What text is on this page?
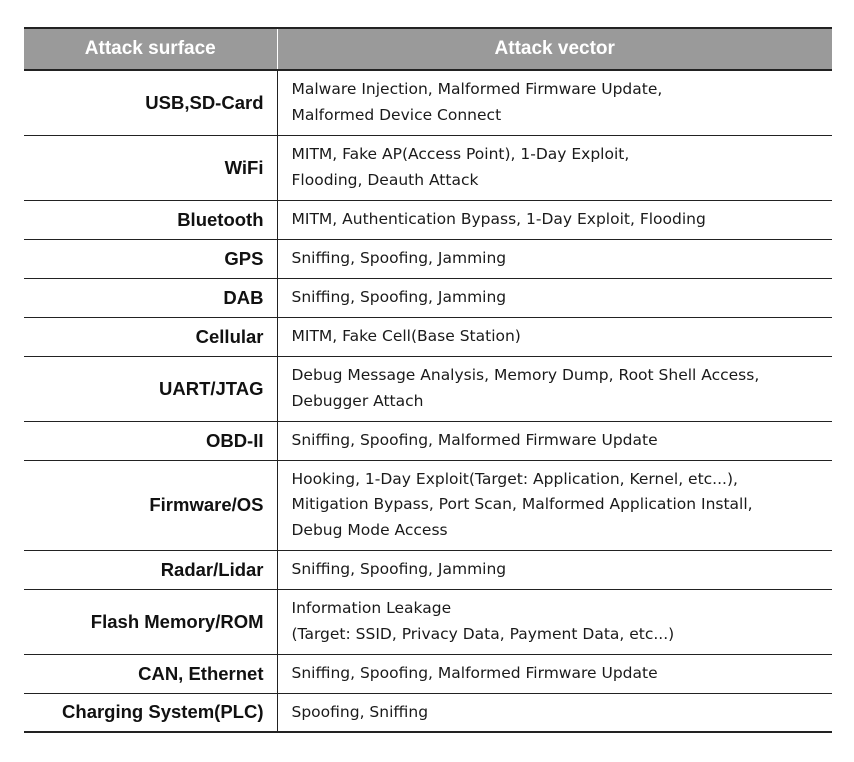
Attack surface	Attack vector
USB,SD-Card	Malware Injection, Malformed Firmware Update,
Malformed Device Connect

WiFi	MITM, Fake AP(Access Point), 1-Day Exploit,
Flooding, Deauth Attack

Bluetooth	MITM, Authentication Bypass, 1-Day Exploit, Flooding

GPS	Sniffing, Spoofing, Jamming

DAB	Sniffing, Spoofing, Jamming

Cellular	MITM, Fake Cell(Base Station)

UART/JTAG	Debug Message Analysis, Memory Dump, Root Shell Access,
Debugger Attach

OBD-II	Sniffing, Spoofing, Malformed Firmware Update

Firmware/OS	Hooking, 1-Day Exploit(Target: Application, Kernel, etc...),
Mitigation Bypass, Port Scan, Malformed Application Install,
Debug Mode Access

Radar/Lidar	Sniffing, Spoofing, Jamming

Flash Memory/ROM	Information Leakage
(Target: SSID, Privacy Data, Payment Data, etc...)

CAN, Ethernet	Sniffing, Spoofing, Malformed Firmware Update

Charging System(PLC)	Spoofing, Sniffing
